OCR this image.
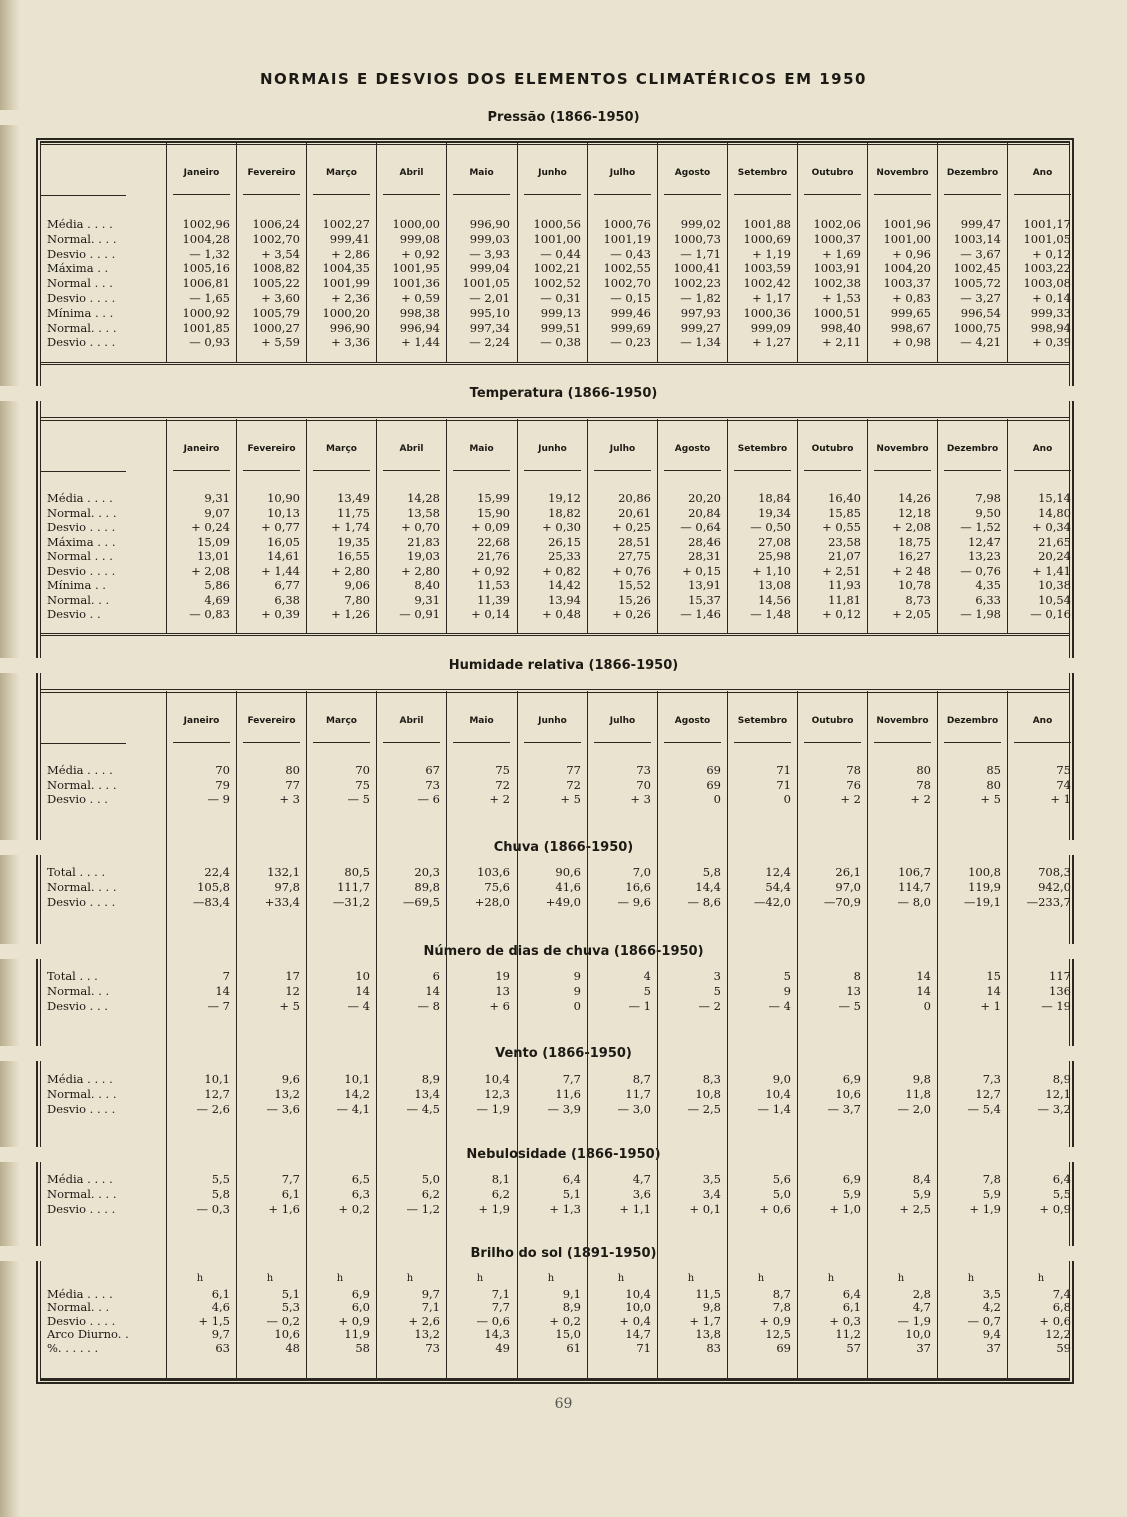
NORMAIS E DESVIOS DOS ELEMENTOS CLIMATÉRICOS EM 1950
Pressão (1866-1950)
Janeiro	Fevereiro	Março	Abril	Maio	Junho	Julho	Agosto	Setembro	Outubro	Novembro	Dezembro	Ano
Média . . . .	1002,96	1006,24	1002,27	1000,00	996,90	1000,56	1000,76	999,02	1001,88	1002,06	1001,96	999,47	1001,17
Normal. . . .	1004,28	1002,70	999,41	999,08	999,03	1001,00	1001,19	1000,73	1000,69	1000,37	1001,00	1003,14	1001,05
Desvio . . . .	— 1,32	+ 3,54	+ 2,86	+ 0,92	— 3,93	— 0,44	— 0,43	— 1,71	+ 1,19	+ 1,69	+ 0,96	— 3,67	+ 0,12
Máxima . .	1005,16	1008,82	1004,35	1001,95	999,04	1002,21	1002,55	1000,41	1003,59	1003,91	1004,20	1002,45	1003,22
Normal . . .	1006,81	1005,22	1001,99	1001,36	1001,05	1002,52	1002,70	1002,23	1002,42	1002,38	1003,37	1005,72	1003,08
Desvio . . . .	— 1,65	+ 3,60	+ 2,36	+ 0,59	— 2,01	— 0,31	— 0,15	— 1,82	+ 1,17	+ 1,53	+ 0,83	— 3,27	+ 0,14
Mínima . . .	1000,92	1005,79	1000,20	998,38	995,10	999,13	999,46	997,93	1000,36	1000,51	999,65	996,54	999,33
Normal. . . .	1001,85	1000,27	996,90	996,94	997,34	999,51	999,69	999,27	999,09	998,40	998,67	1000,75	998,94
Desvio . . . .	— 0,93	+ 5,59	+ 3,36	+ 1,44	— 2,24	— 0,38	— 0,23	— 1,34	+ 1,27	+ 2,11	+ 0,98	— 4,21	+ 0,39
Temperatura (1866-1950)
Janeiro	Fevereiro	Março	Abril	Maio	Junho	Julho	Agosto	Setembro	Outubro	Novembro	Dezembro	Ano
Média . . . .	9,31	10,90	13,49	14,28	15,99	19,12	20,86	20,20	18,84	16,40	14,26	7,98	15,14
Normal. . . .	9,07	10,13	11,75	13,58	15,90	18,82	20,61	20,84	19,34	15,85	12,18	9,50	14,80
Desvio . . . .	+ 0,24	+ 0,77	+ 1,74	+ 0,70	+ 0,09	+ 0,30	+ 0,25	— 0,64	— 0,50	+ 0,55	+ 2,08	— 1,52	+ 0,34
Máxima . . .	15,09	16,05	19,35	21,83	22,68	26,15	28,51	28,46	27,08	23,58	18,75	12,47	21,65
Normal . . .	13,01	14,61	16,55	19,03	21,76	25,33	27,75	28,31	25,98	21,07	16,27	13,23	20,24
Desvio . . . .	+ 2,08	+ 1,44	+ 2,80	+ 2,80	+ 0,92	+ 0,82	+ 0,76	+ 0,15	+ 1,10	+ 2,51	+ 2 48	— 0,76	+ 1,41
Mínima . .	5,86	6,77	9,06	8,40	11,53	14,42	15,52	13,91	13,08	11,93	10,78	4,35	10,38
Normal. . .	4,69	6,38	7,80	9,31	11,39	13,94	15,26	15,37	14,56	11,81	8,73	6,33	10,54
Desvio . .	— 0,83	+ 0,39	+ 1,26	— 0,91	+ 0,14	+ 0,48	+ 0,26	— 1,46	— 1,48	+ 0,12	+ 2,05	— 1,98	— 0,16
Humidade relativa (1866-1950)
Janeiro	Fevereiro	Março	Abril	Maio	Junho	Julho	Agosto	Setembro	Outubro	Novembro	Dezembro	Ano
Média . . . .	70	80	70	67	75	77	73	69	71	78	80	85	75
Normal. . . .	79	77	75	73	72	72	70	69	71	76	78	80	74
Desvio . . .	— 9	+ 3	— 5	— 6	+ 2	+ 5	+ 3	0	0	+ 2	+ 2	+ 5	+ 1
Chuva (1866-1950)
Total . . . .	22,4	132,1	80,5	20,3	103,6	90,6	7,0	5,8	12,4	26,1	106,7	100,8	708,3
Normal. . . .	105,8	97,8	111,7	89,8	75,6	41,6	16,6	14,4	54,4	97,0	114,7	119,9	942,0
Desvio . . . .	—83,4	+33,4	—31,2	—69,5	+28,0	+49,0	— 9,6	— 8,6	—42,0	—70,9	— 8,0	—19,1	—233,7
Número de dias de chuva (1866-1950)
Total . . .	7	17	10	6	19	9	4	3	5	8	14	15	117
Normal. . .	14	12	14	14	13	9	5	5	9	13	14	14	136
Desvio . . .	— 7	+ 5	— 4	— 8	+ 6	0	— 1	— 2	— 4	— 5	0	+ 1	— 19
Vento (1866-1950)
Média . . . .	10,1	9,6	10,1	8,9	10,4	7,7	8,7	8,3	9,0	6,9	9,8	7,3	8,9
Normal. . . .	12,7	13,2	14,2	13,4	12,3	11,6	11,7	10,8	10,4	10,6	11,8	12,7	12,1
Desvio . . . .	— 2,6	— 3,6	— 4,1	— 4,5	— 1,9	— 3,9	— 3,0	— 2,5	— 1,4	— 3,7	— 2,0	— 5,4	— 3,2
Nebulosidade (1866-1950)
Média . . . .	5,5	7,7	6,5	5,0	8,1	6,4	4,7	3,5	5,6	6,9	8,4	7,8	6,4
Normal. . . .	5,8	6,1	6,3	6,2	6,2	5,1	3,6	3,4	5,0	5,9	5,9	5,9	5,5
Desvio . . . .	— 0,3	+ 1,6	+ 0,2	— 1,2	+ 1,9	+ 1,3	+ 1,1	+ 0,1	+ 0,6	+ 1,0	+ 2,5	+ 1,9	+ 0,9
Brilho do sol (1891-1950)
h	h	h	h	h	h	h	h	h	h	h	h	h
Média . . . .	6,1	5,1	6,9	9,7	7,1	9,1	10,4	11,5	8,7	6,4	2,8	3,5	7,4
Normal. . .	4,6	5,3	6,0	7,1	7,7	8,9	10,0	9,8	7,8	6,1	4,7	4,2	6,8
Desvio . . . .	+ 1,5	— 0,2	+ 0,9	+ 2,6	— 0,6	+ 0,2	+ 0,4	+ 1,7	+ 0,9	+ 0,3	— 1,9	— 0,7	+ 0,6
Arco Diurno. .	9,7	10,6	11,9	13,2	14,3	15,0	14,7	13,8	12,5	11,2	10,0	9,4	12,2
%. . . . . .	63	48	58	73	49	61	71	83	69	57	37	37	59
69
